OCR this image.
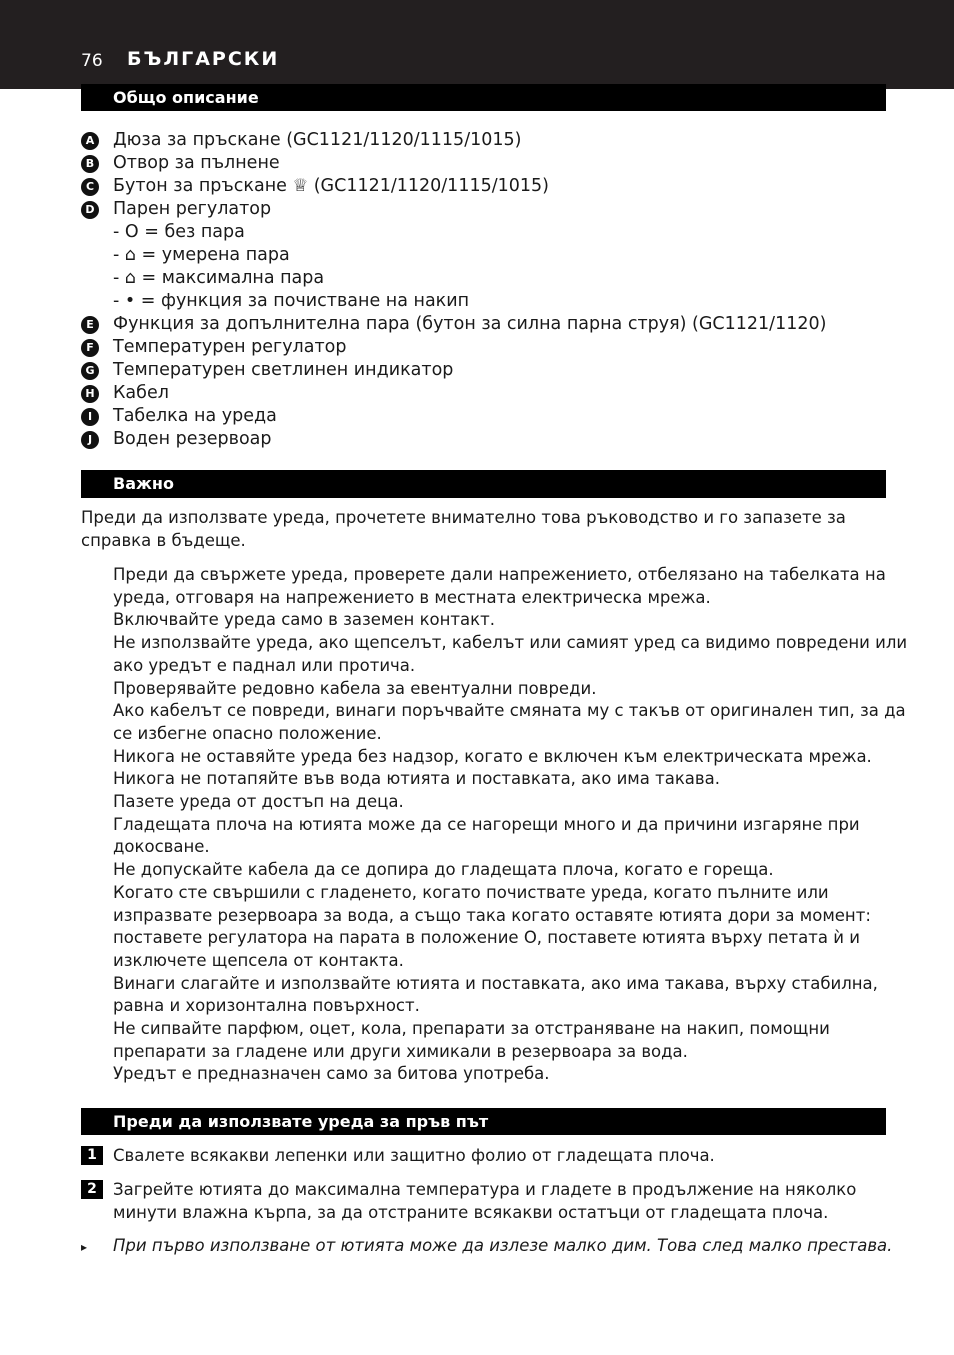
76 БЪЛГАРСКИ
Общо описание
A Дюза за пръскане (GC1121/1120/1115/1015)
B Отвор за пълнене
C Бутон за пръскане ♕ (GC1121/1120/1115/1015)
D Парен регулатор
- O = без пара
- ⌂ = умерена пара
- ⌂ = максимална пара
- • = функция за почистване на накип
E	Функция за допълнителна пара (бутон за силна парна струя) (GC1121/1120)
F	Температурен регулатор
G Температурен светлинен индикатор
H Кабел
I	Табелка на уреда
J	Воден резервоар
Важно
Преди да използвате уреда, прочетете внимателно това ръководство и го запазете за справка в бъдеще.
Преди да свържете уреда, проверете дали напрежението, отбелязано на табелката на
уреда, отговаря на напрежението в местната електрическа мрежа.
Включвайте уреда само в заземен контакт.
Не използвайте уреда, ако щепселът, кабелът или самият уред са видимо повредени или
ако уредът е паднал или протича.
Проверявайте редовно кабела за евентуални повреди.
Ако кабелът се повреди, винаги поръчвайте смяната му с такъв от оригинален тип, за да
се избегне опасно положение.
Никога не оставяйте уреда без надзор, когато е включен към електрическата мрежа.
Никога не потапяйте във вода ютията и поставката, ако има такава.
Пазете уреда от достъп на деца.
Гладещата плоча на ютията може да се нагорещи много и да причини изгаряне при
докосване.
Не допускайте кабела да се допира до гладещата плоча, когато е гореща.
Когато сте свършили с гладенето, когато почиствате уреда, когато пълните или
изпразвате резервоара за вода, а също така когато оставяте ютията дори за момент:
поставете регулатора на парата в положение O, поставете ютията върху петата ѝ и
изключете щепсела от контакта.
Винаги слагайте и използвайте ютията и поставката, ако има такава, върху стабилна,
равна и хоризонтална повърхност.
Не сипвайте парфюм, оцет, кола, препарати за отстраняване на накип, помощни
препарати за гладене или други химикали в резервоара за вода.
Уредът е предназначен само за битова употреба.
Преди да използвате уреда за пръв път
1 Свалете всякакви лепенки или защитно фолио от гладещата плоча.
2 Загрейте ютията до максимална температура и гладете в продължение на няколко
минути влажна кърпа, за да отстраните всякакви остатъци от гладещата плоча.
▸ При първо използване от ютията може да излезе малко дим. Това след малко престава.
